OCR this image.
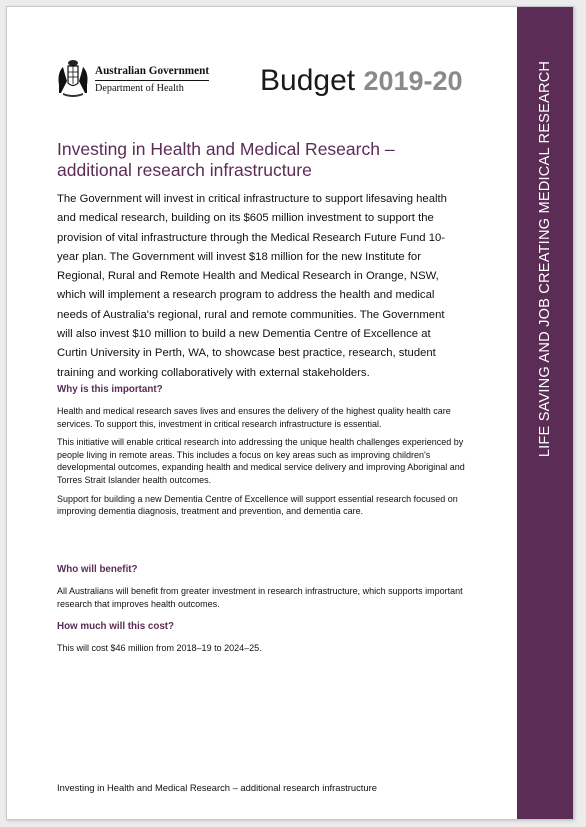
LIFE SAVING AND JOB CREATING MEDICAL RESEARCH
Australian Government
Department of Health	Budget 2019-20
Investing in Health and Medical Research – additional research infrastructure

The Government will invest in critical infrastructure to support lifesaving health and medical research, building on its $605 million investment to support the provision of vital infrastructure through the Medical Research Future Fund 10-year plan. The Government will invest $18 million for the new Institute for Regional, Rural and Remote Health and Medical Research in Orange, NSW, which will implement a research program to address the health and medical needs of Australia's regional, rural and remote communities. The Government will also invest $10 million to build a new Dementia Centre of Excellence at Curtin University in Perth, WA, to showcase best practice, research, student training and working collaboratively with external stakeholders.

Why is this important?

Health and medical research saves lives and ensures the delivery of the highest quality health care services. To support this, investment in critical research infrastructure is essential.

This initiative will enable critical research into addressing the unique health challenges experienced by people living in remote areas. This includes a focus on key areas such as improving children's developmental outcomes, expanding health and medical service delivery and improving Aboriginal and Torres Strait Islander health outcomes.

Support for building a new Dementia Centre of Excellence will support essential research focused on improving dementia diagnosis, treatment and prevention, and dementia care.

Who will benefit?

All Australians will benefit from greater investment in research infrastructure, which supports important research that improves health outcomes.

How much will this cost?

This will cost $46 million from 2018–19 to 2024–25.

Investing in Health and Medical Research – additional research infrastructure
